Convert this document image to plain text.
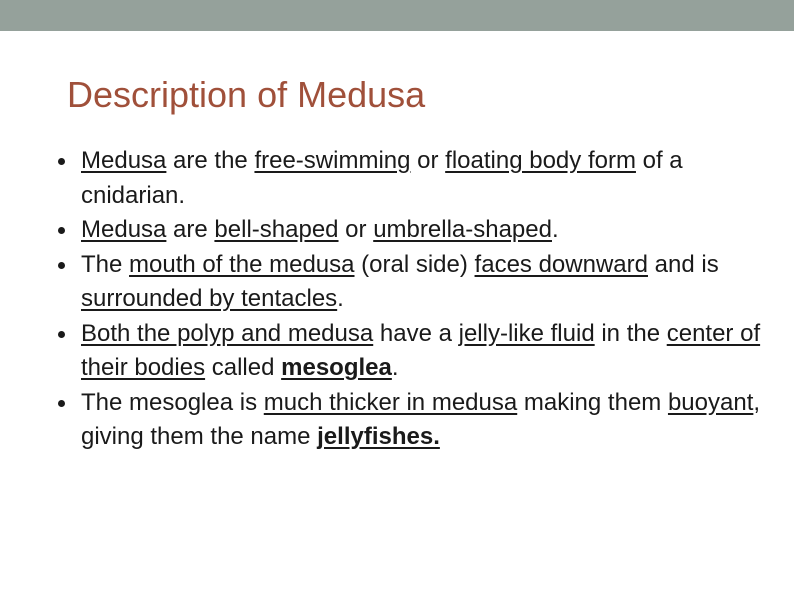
Description of Medusa
Medusa are the free-swimming or floating body form of a cnidarian.
Medusa are bell-shaped or umbrella-shaped.
The mouth of the medusa (oral side) faces downward and is surrounded by tentacles.
Both the polyp and medusa have a jelly-like fluid in the center of their bodies called mesoglea.
The mesoglea is much thicker in medusa making them buoyant, giving them the name jellyfishes.
